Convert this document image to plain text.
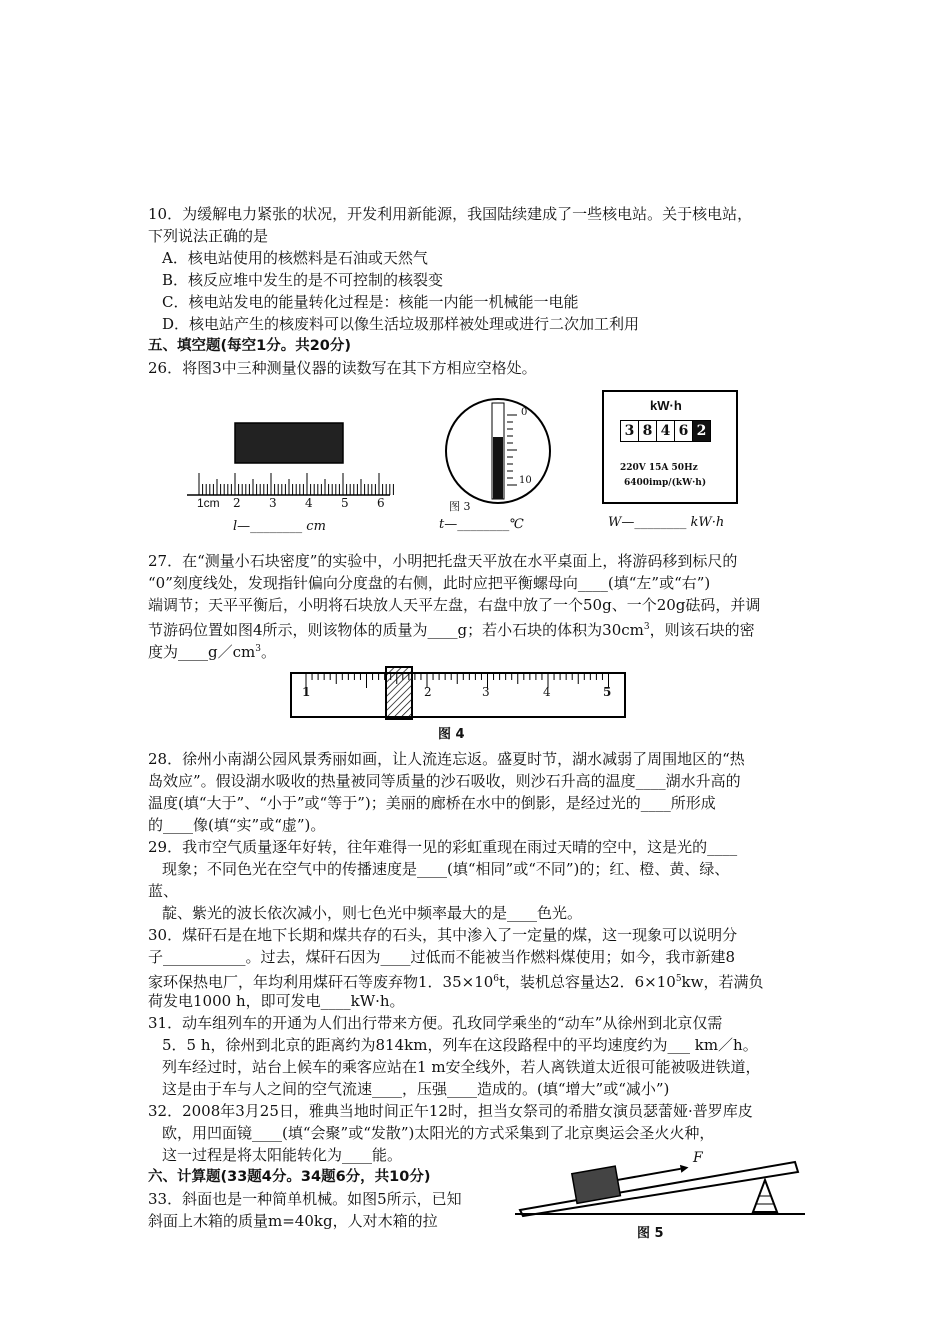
10．为缓解电力紧张的状况，开发利用新能源，我国陆续建成了一些核电站。关于核电站，
下列说法正确的是
A．核电站使用的核燃料是石油或天然气
B．核反应堆中发生的是不可控制的核裂变
C．核电站发电的能量转化过程是：核能一内能一机械能一电能
D．核电站产生的核废料可以像生活垃圾那样被处理或进行二次加工利用
五、填空题(每空1分。共20分)
26．将图3中三种测量仪器的读数写在其下方相应空格处。
1cm 2 3 4 5 6
l—________ cm
0
10
图 3
t—________℃
kW·h
3 8 4 6 2
220V 15A 50Hz
6400imp/(kW·h)
W—________ kW·h
27．在“测量小石块密度”的实验中，小明把托盘天平放在水平桌面上，将游码移到标尺的
“0”刻度线处，发现指针偏向分度盘的右侧，此时应把平衡螺母向____(填“左”或“右”)
端调节；天平平衡后，小明将石块放人天平左盘，右盘中放了一个50g、一个20g砝码，并调
节游码位置如图4所示，则该物体的质量为____g；若小石块的体积为$30cm^3$，则该石块的密
度为$\_\_\_\_g/cm^3$。
1	2	3	4	5
图 4
28．徐州小南湖公园风景秀丽如画，让人流连忘返。盛夏时节，湖水减弱了周围地区的“热
岛效应”。假设湖水吸收的热量被同等质量的沙石吸收，则沙石升高的温度____湖水升高的
温度(填“大于”、“小于”或“等于”)；美丽的廊桥在水中的倒影，是经过光的____所形成
的____像(填“实”或“虚”)。
29．我市空气质量逐年好转，往年难得一见的彩虹重现在雨过天晴的空中，这是光的____
现象；不同色光在空气中的传播速度是____(填“相同”或“不同”)的；红、橙、黄、绿、
蓝、
靛、紫光的波长依次减小，则七色光中频率最大的是____色光。
30．煤矸石是在地下长期和煤共存的石头，其中渗入了一定量的煤，这一现象可以说明分
子___________。过去，煤矸石因为____过低而不能被当作燃料煤使用；如今，我市新建8
家环保热电厂，年均利用煤矸石等废弃物1．$35\times 10^6t$，装机总容量达2．$6\times 10^5kw$，若满负
荷发电1000 h，即可发电____kW·h。
31．动车组列车的开通为人们出行带来方便。孔玫同学乘坐的“动车”从徐州到北京仅需
5．5 h，徐州到北京的距离约为814km，列车在这段路程中的平均速度约为___ km／h。
列车经过时，站台上候车的乘客应站在1 m安全线外，若人离铁道太近很可能被吸进铁道，
这是由于车与人之间的空气流速____，压强____造成的。(填“增大”或“减小”)
32．2008年3月25日，雅典当地时间正午12时，担当女祭司的希腊女演员瑟蕾娅·普罗库皮
欧，用凹面镜____(填“会聚”或“发散”)太阳光的方式采集到了北京奥运会圣火火种，
这一过程是将太阳能转化为____能。
六、计算题(33题4分。34题6分，共10分)
33．斜面也是一种简单机械。如图5所示，已知
斜面上木箱的质量m=40kg，人对木箱的拉
F
图 5
